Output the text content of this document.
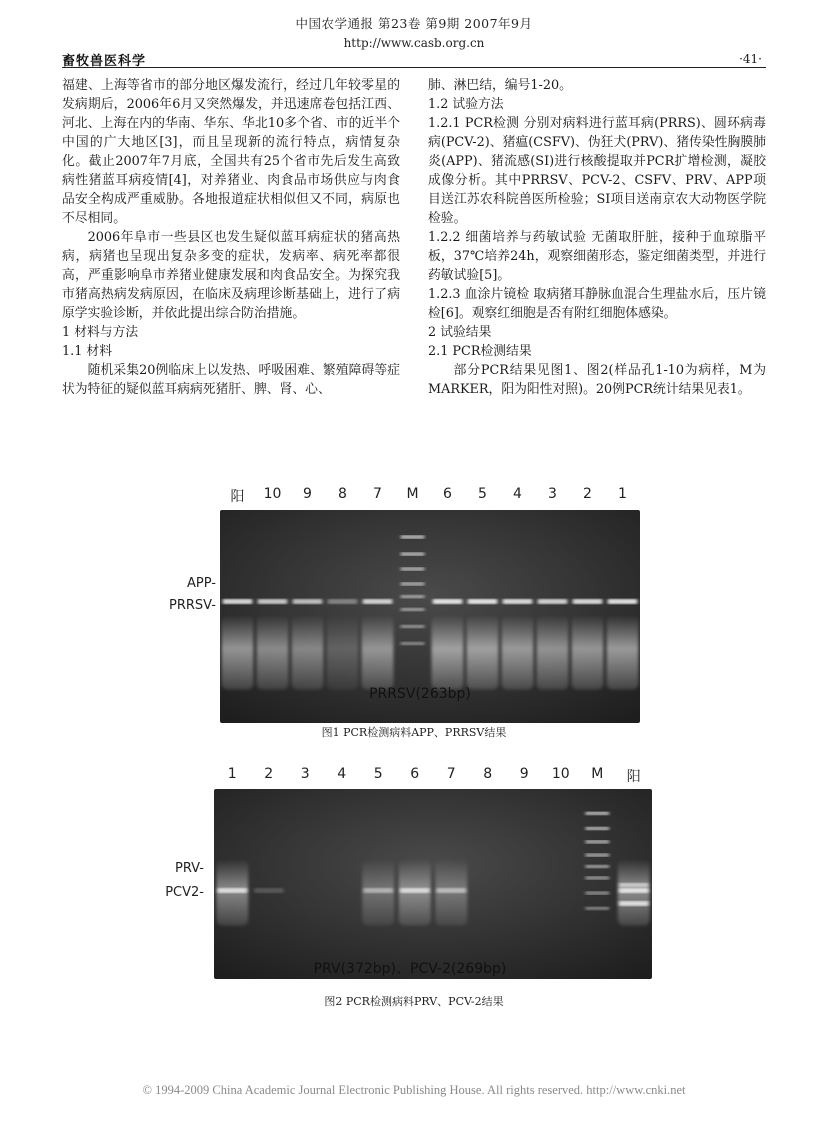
中国农学通报 第23卷 第9期 2007年9月
http://www.casb.org.cn
畜牧兽医科学	·41·

福建、上海等省市的部分地区爆发流行，经过几年较零星的发病期后，2006年6月又突然爆发，并迅速席卷包括江西、河北、上海在内的华南、华东、华北10多个省、市的近半个中国的广大地区[3]，而且呈现新的流行特点，病情复杂化。截止2007年7月底，全国共有25个省市先后发生高致病性猪蓝耳病疫情[4]，对养猪业、肉食品市场供应与肉食品安全构成严重威胁。各地报道症状相似但又不同，病原也不尽相同。

2006年阜市一些县区也发生疑似蓝耳病症状的猪高热病，病猪也呈现出复杂多变的症状，发病率、病死率都很高，严重影响阜市养猪业健康发展和肉食品安全。为探究我市猪高热病发病原因，在临床及病理诊断基础上，进行了病原学实验诊断，并依此提出综合防治措施。

1 材料与方法

1.1 材料

随机采集20例临床上以发热、呼吸困难、繁殖障碍等症状为特征的疑似蓝耳病病死猪肝、脾、肾、心、

肺、淋巴结，编号1-20。

1.2 试验方法

1.2.1 PCR检测 分别对病料进行蓝耳病(PRRS)、圆环病毒病(PCV-2)、猪瘟(CSFV)、伪狂犬(PRV)、猪传染性胸膜肺炎(APP)、猪流感(SI)进行核酸提取并PCR扩增检测，凝胶成像分析。其中PRRSV、PCV-2、CSFV、PRV、APP项目送江苏农科院兽医所检验；SI项目送南京农大动物医学院检验。

1.2.2 细菌培养与药敏试验 无菌取肝脏，接种于血琼脂平板，37℃培养24h，观察细菌形态，鉴定细菌类型，并进行药敏试验[5]。

1.2.3 血涂片镜检 取病猪耳静脉血混合生理盐水后，压片镜检[6]。观察红细胞是否有附红细胞体感染。

2 试验结果

2.1 PCR检测结果

部分PCR结果见图1、图2(样品孔1-10为病样，M为MARKER，阳为阳性对照)。20例PCR统计结果见表1。

阳	10	9	8	7	M	6	5	4	3	2	1
APP-
PRRSV-
PRRSV(263bp)
图1 PCR检测病料APP、PRRSV结果
1	2	3	4	5	6	7	8	9	10	M	阳
PRV-
PCV2-
PRV(372bp)、PCV-2(269bp)
图2 PCR检测病料PRV、PCV-2结果
© 1994-2009 China Academic Journal Electronic Publishing House. All rights reserved. http://www.cnki.net
